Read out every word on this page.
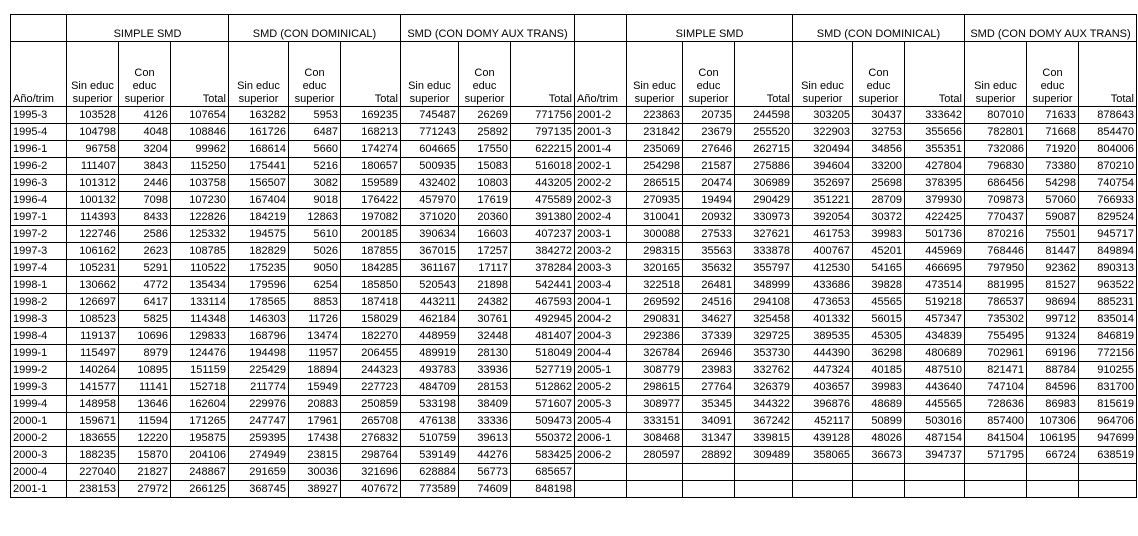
	SIMPLE SMD			SMD (CON DOMINICAL)			SMD (CON DOMY AUX TRANS)				SIMPLE SMD			SMD (CON DOMINICAL)			SMD (CON DOMY AUX TRANS)		
Año/trim	Sin educ superior	Con educ superior	Total	Sin educ superior	Con educ superior	Total	Sin educ superior	Con educ superior	Total	Año/trim	Sin educ superior	Con educ superior	Total	Sin educ superior	Con educ superior	Total	Sin educ superior	Con educ superior	Total
1995-3	103528	4126	107654	163282	5953	169235	745487	26269	771756	2001-2	223863	20735	244598	303205	30437	333642	807010	71633	878643
1995-4	104798	4048	108846	161726	6487	168213	771243	25892	797135	2001-3	231842	23679	255520	322903	32753	355656	782801	71668	854470
1996-1	96758	3204	99962	168614	5660	174274	604665	17550	622215	2001-4	235069	27646	262715	320494	34856	355351	732086	71920	804006
1996-2	111407	3843	115250	175441	5216	180657	500935	15083	516018	2002-1	254298	21587	275886	394604	33200	427804	796830	73380	870210
1996-3	101312	2446	103758	156507	3082	159589	432402	10803	443205	2002-2	286515	20474	306989	352697	25698	378395	686456	54298	740754
1996-4	100132	7098	107230	167404	9018	176422	457970	17619	475589	2002-3	270935	19494	290429	351221	28709	379930	709873	57060	766933
1997-1	114393	8433	122826	184219	12863	197082	371020	20360	391380	2002-4	310041	20932	330973	392054	30372	422425	770437	59087	829524
1997-2	122746	2586	125332	194575	5610	200185	390634	16603	407237	2003-1	300088	27533	327621	461753	39983	501736	870216	75501	945717
1997-3	106162	2623	108785	182829	5026	187855	367015	17257	384272	2003-2	298315	35563	333878	400767	45201	445969	768446	81447	849894
1997-4	105231	5291	110522	175235	9050	184285	361167	17117	378284	2003-3	320165	35632	355797	412530	54165	466695	797950	92362	890313
1998-1	130662	4772	135434	179596	6254	185850	520543	21898	542441	2003-4	322518	26481	348999	433686	39828	473514	881995	81527	963522
1998-2	126697	6417	133114	178565	8853	187418	443211	24382	467593	2004-1	269592	24516	294108	473653	45565	519218	786537	98694	885231
1998-3	108523	5825	114348	146303	11726	158029	462184	30761	492945	2004-2	290831	34627	325458	401332	56015	457347	735302	99712	835014
1998-4	119137	10696	129833	168796	13474	182270	448959	32448	481407	2004-3	292386	37339	329725	389535	45305	434839	755495	91324	846819
1999-1	115497	8979	124476	194498	11957	206455	489919	28130	518049	2004-4	326784	26946	353730	444390	36298	480689	702961	69196	772156
1999-2	140264	10895	151159	225429	18894	244323	493783	33936	527719	2005-1	308779	23983	332762	447324	40185	487510	821471	88784	910255
1999-3	141577	11141	152718	211774	15949	227723	484709	28153	512862	2005-2	298615	27764	326379	403657	39983	443640	747104	84596	831700
1999-4	148958	13646	162604	229976	20883	250859	533198	38409	571607	2005-3	308977	35345	344322	396876	48689	445565	728636	86983	815619
2000-1	159671	11594	171265	247747	17961	265708	476138	33336	509473	2005-4	333151	34091	367242	452117	50899	503016	857400	107306	964706
2000-2	183655	12220	195875	259395	17438	276832	510759	39613	550372	2006-1	308468	31347	339815	439128	48026	487154	841504	106195	947699
2000-3	188235	15870	204106	274949	23815	298764	539149	44276	583425	2006-2	280597	28892	309489	358065	36673	394737	571795	66724	638519
2000-4	227040	21827	248867	291659	30036	321696	628884	56773	685657										
2001-1	238153	27972	266125	368745	38927	407672	773589	74609	848198										
